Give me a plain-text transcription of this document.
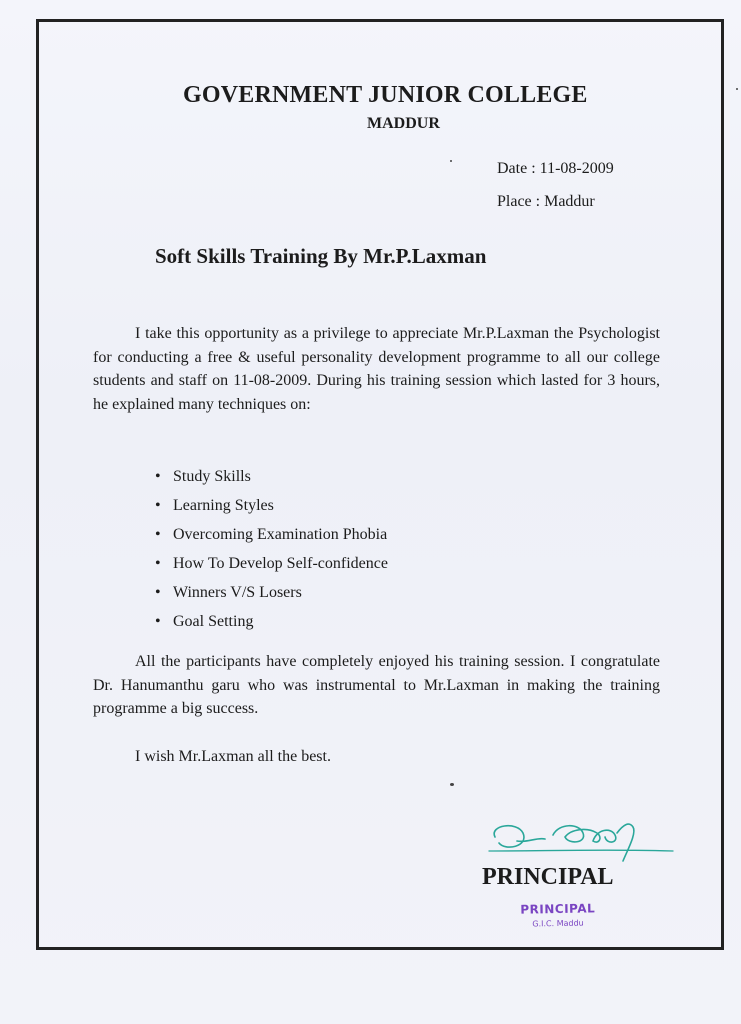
GOVERNMENT JUNIOR COLLEGE
MADDUR
Date : 11-08-2009
Place : Maddur
Soft Skills Training By Mr.P.Laxman

I take this opportunity as a privilege to appreciate Mr.P.Laxman the Psychologist for conducting a free & useful personality development programme to all our college students and staff on 11-08-2009. During his training session which lasted for 3 hours, he explained many techniques on:

• Study Skills
• Learning Styles
• Overcoming Examination Phobia
• How To Develop Self-confidence
• Winners V/S Losers
• Goal Setting

All the participants have completely enjoyed his training session. I congratulate Dr. Hanumanthu garu who was instrumental to Mr.Laxman in making the training programme a big success.

I wish Mr.Laxman all the best.

PRINCIPAL
PRINCIPAL
G.I.C. Maddu
